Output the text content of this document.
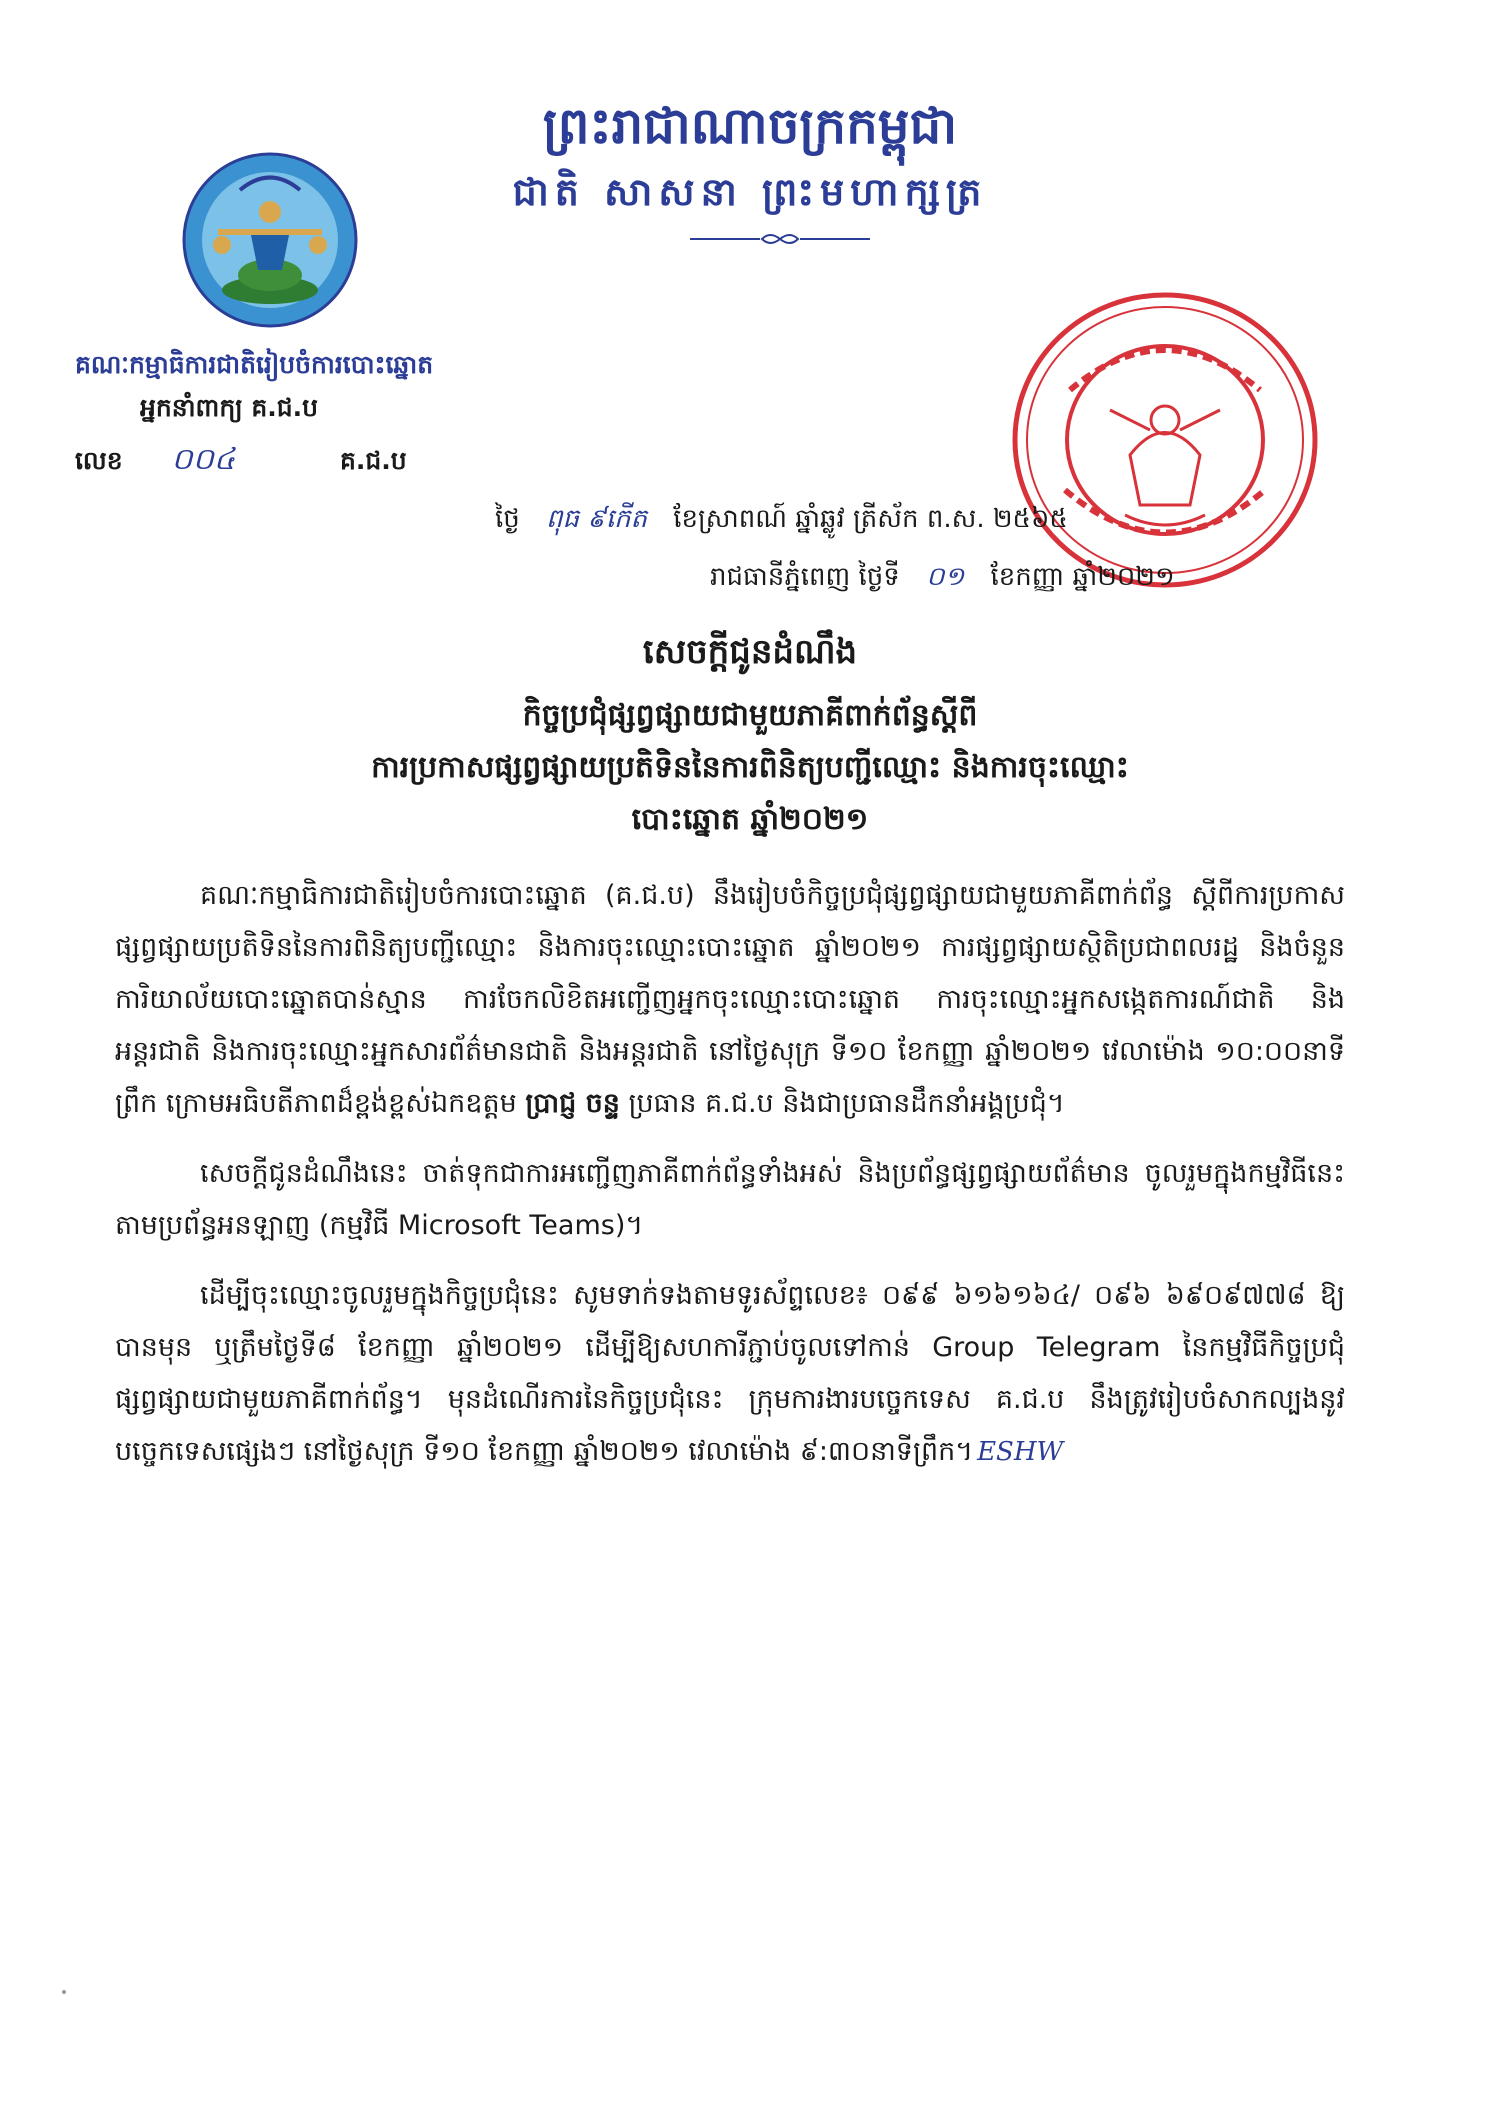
ព្រះរាជាណាចក្រកម្ពុជា
ជាតិ សាសនា ព្រះមហាក្សត្រ
គណៈកម្មាធិការជាតិរៀបចំការបោះឆ្នោត
អ្នកនាំពាក្យ គ.ជ.ប
លេខ ០០៤	គ.ជ.ប
ថ្ងៃ ពុធ ៩កើត ខែស្រាពណ៍ ឆ្នាំឆ្លូវ ត្រីស័ក ព.ស. ២៥៦៥
រាជធានីភ្នំពេញ ថ្ងៃទី ០១ ខែកញ្ញា ឆ្នាំ២០២១
សេចក្តីជូនដំណឹង
កិច្ចប្រជុំផ្សព្វផ្សាយជាមួយភាគីពាក់ព័ន្ធស្តីពី
ការប្រកាសផ្សព្វផ្សាយប្រតិទិននៃការពិនិត្យបញ្ជីឈ្មោះ និងការចុះឈ្មោះ
បោះឆ្នោត ឆ្នាំ២០២១

គណៈកម្មាធិការជាតិរៀបចំការបោះឆ្នោត (គ.ជ.ប) នឹងរៀបចំកិច្ចប្រជុំផ្សព្វផ្សាយជាមួយភាគីពាក់ព័ន្ធ ស្តីពីការប្រកាសផ្សព្វផ្សាយប្រតិទិននៃការពិនិត្យបញ្ជីឈ្មោះ និងការចុះឈ្មោះបោះឆ្នោត ឆ្នាំ២០២១ ការផ្សព្វផ្សាយស្ថិតិប្រជាពលរដ្ឋ និងចំនួនការិយាល័យបោះឆ្នោតបាន់ស្មាន ការចែកលិខិតអញ្ជើញអ្នកចុះឈ្មោះបោះឆ្នោត ការចុះឈ្មោះអ្នកសង្កេតការណ៍ជាតិ និងអន្តរជាតិ និងការចុះឈ្មោះអ្នកសារព័ត៌មានជាតិ និងអន្តរជាតិ នៅថ្ងៃសុក្រ ទី១០ ខែកញ្ញា ឆ្នាំ២០២១ វេលាម៉ោង ១០:០០នាទីព្រឹក ក្រោមអធិបតីភាពដ៏ខ្ពង់ខ្ពស់ឯកឧត្តម ប្រាជ្ញ ចន្ទ ប្រធាន គ.ជ.ប និងជាប្រធានដឹកនាំអង្គប្រជុំ។

សេចក្តីជូនដំណឹងនេះ ចាត់ទុកជាការអញ្ជើញភាគីពាក់ព័ន្ធទាំងអស់ និងប្រព័ន្ធផ្សព្វផ្សាយព័ត៌មាន ចូលរួមក្នុងកម្មវិធីនេះ តាមប្រព័ន្ធអនឡាញ (កម្មវិធី Microsoft Teams)។

ដើម្បីចុះឈ្មោះចូលរួមក្នុងកិច្ចប្រជុំនេះ សូមទាក់ទងតាមទូរស័ព្ទលេខ៖ ០៩៩ ៦១៦១៦៤/ ០៩៦ ៦៩០៩៧៧៨ ឱ្យបានមុន ឬត្រឹមថ្ងៃទី៨ ខែកញ្ញា ឆ្នាំ២០២១ ដើម្បីឱ្យសហការីភ្ជាប់ចូលទៅកាន់ Group Telegram នៃកម្មវិធីកិច្ចប្រជុំផ្សព្វផ្សាយជាមួយភាគីពាក់ព័ន្ធ។ មុនដំណើរការនៃកិច្ចប្រជុំនេះ ក្រុមការងារបច្ចេកទេស គ.ជ.ប នឹងត្រូវរៀបចំសាកល្បងនូវបច្ចេកទេសផ្សេងៗ នៅថ្ងៃសុក្រ ទី១០ ខែកញ្ញា ឆ្នាំ២០២១ វេលាម៉ោង ៩:៣០នាទីព្រឹក។ ESHW
